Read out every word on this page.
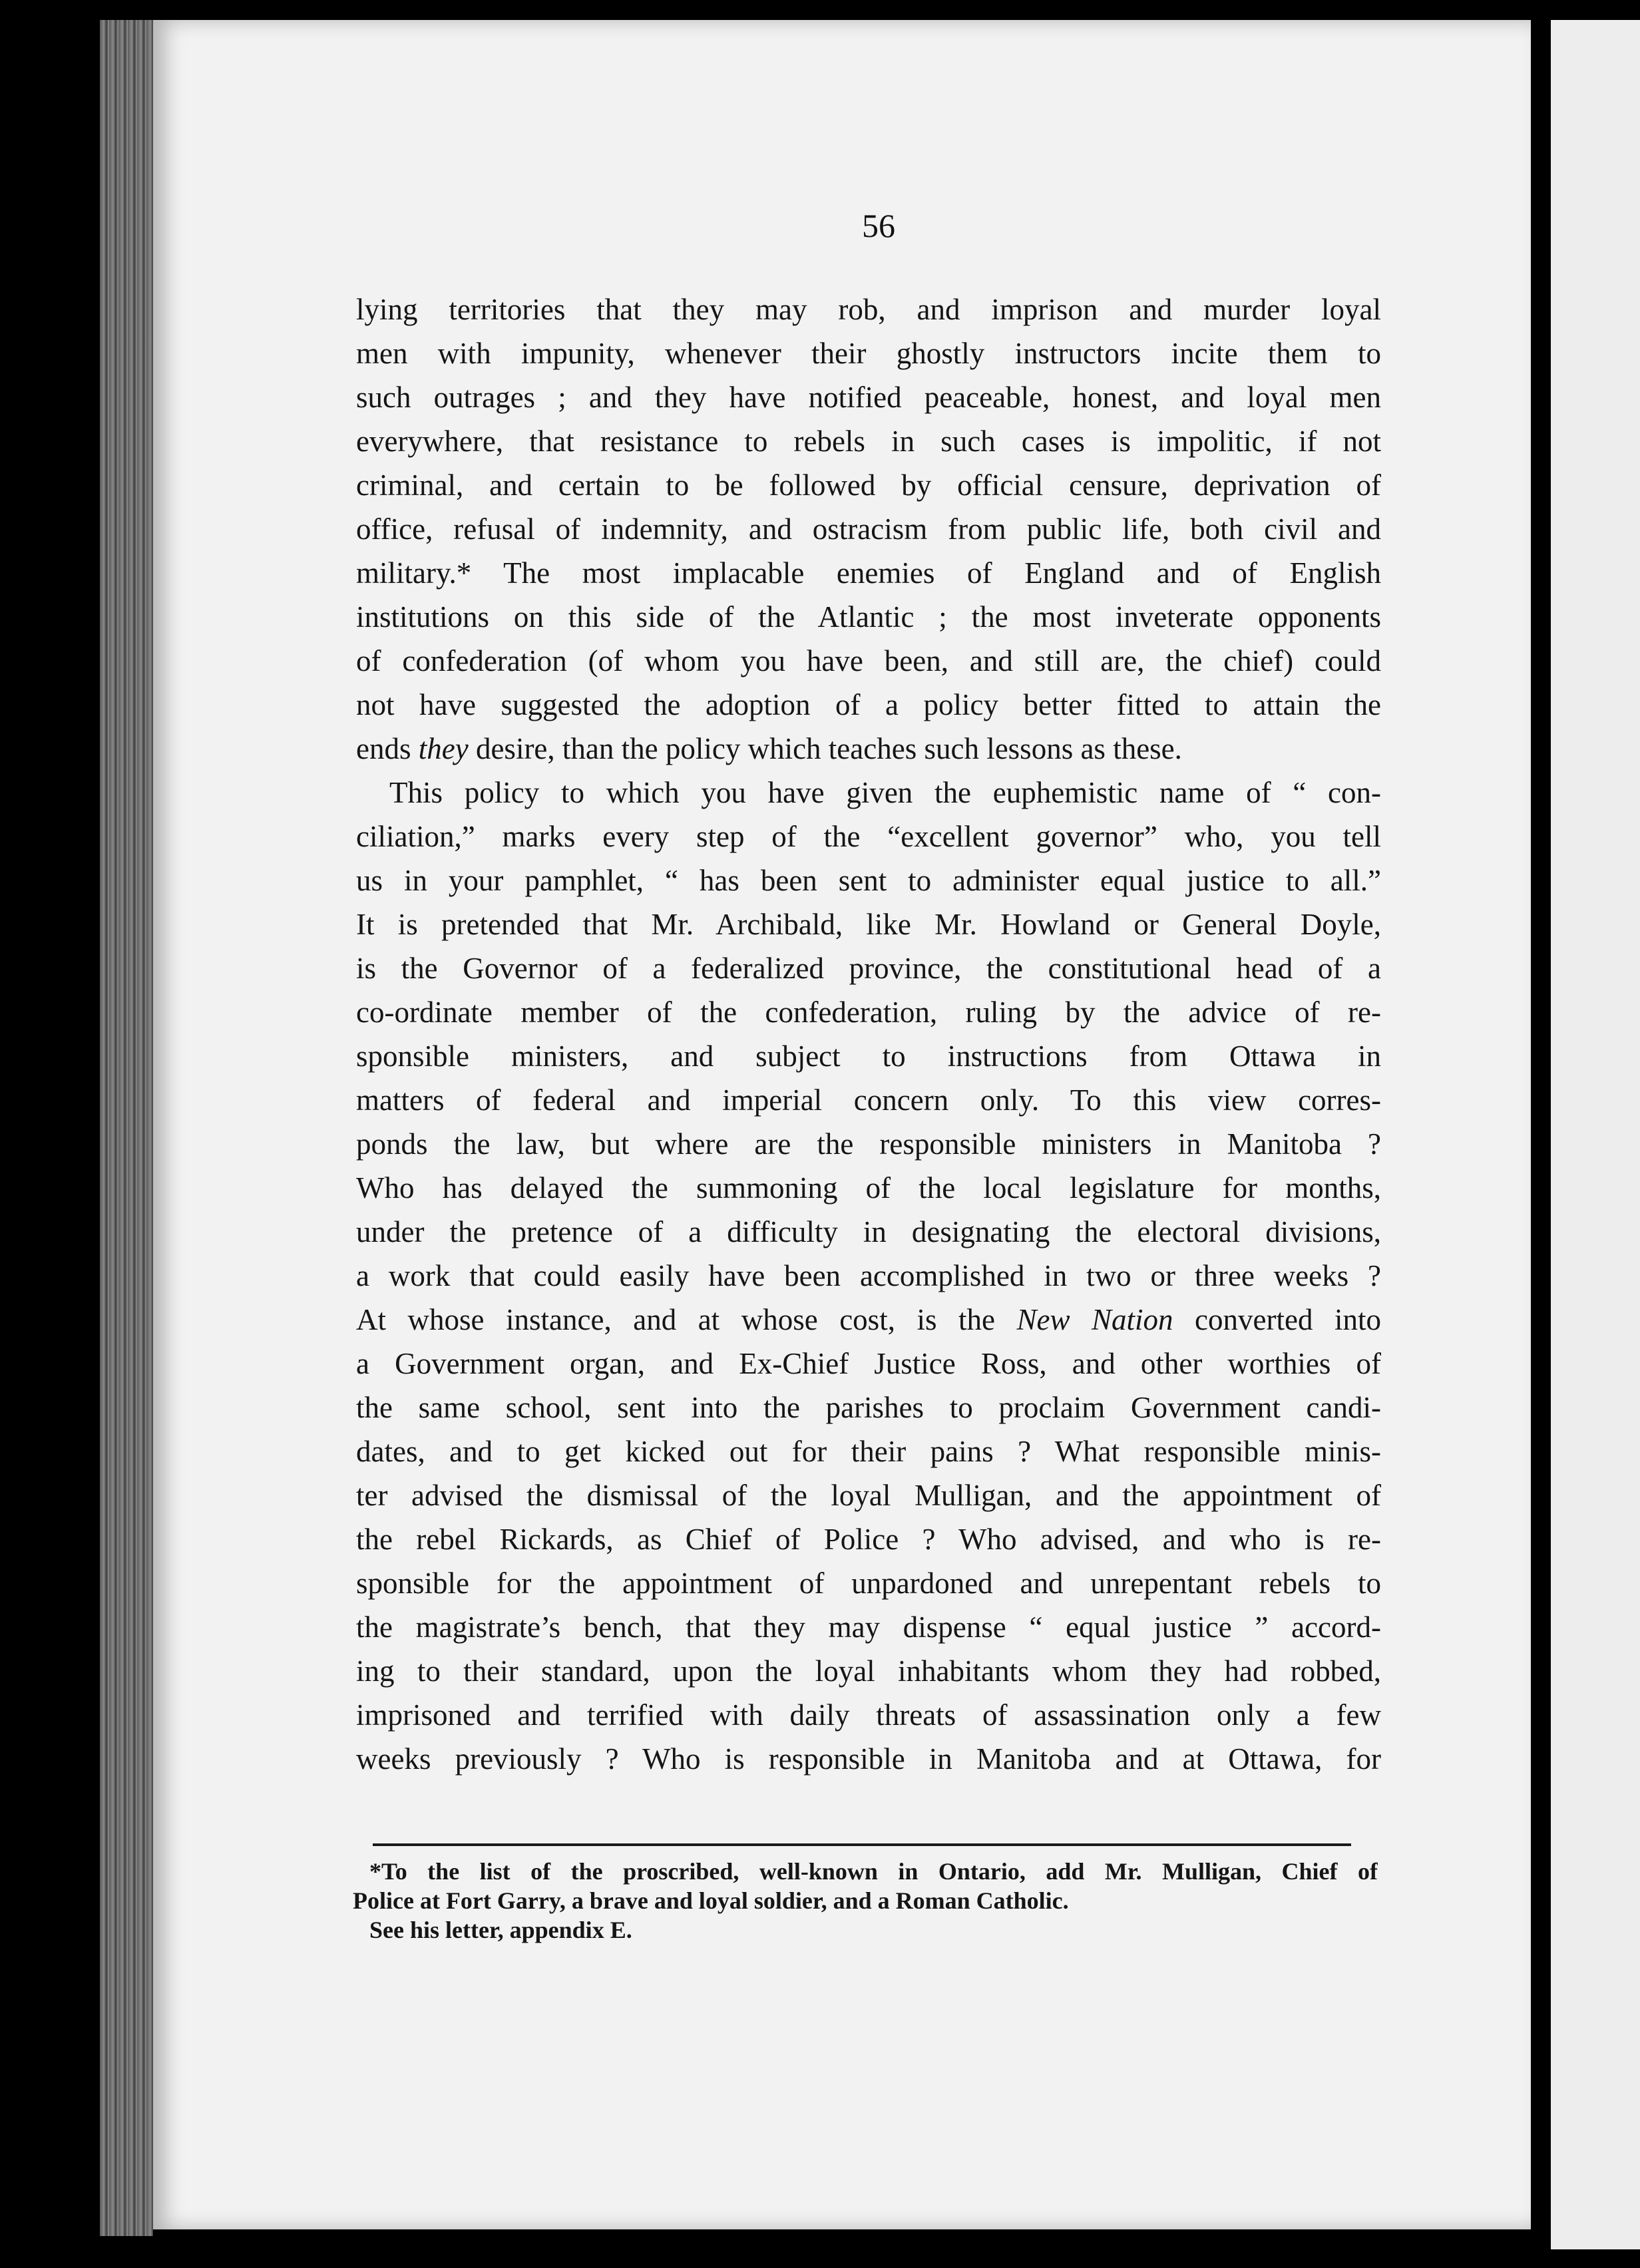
56
lying territories that they may rob, and imprison and murder loyal
men with impunity, whenever their ghostly instructors incite them to
such outrages ; and they have notified peaceable, honest, and loyal men
everywhere, that resistance to rebels in such cases is impolitic, if not
criminal, and certain to be followed by official censure, deprivation of
office, refusal of indemnity, and ostracism from public life, both civil and
military.* The most implacable enemies of England and of English
institutions on this side of the Atlantic ; the most inveterate opponents
of confederation (of whom you have been, and still are, the chief) could
not have suggested the adoption of a policy better fitted to attain the
ends they desire, than the policy which teaches such lessons as these.
This policy to which you have given the euphemistic name of “ con-
ciliation,” marks every step of the “excellent governor” who, you tell
us in your pamphlet, “ has been sent to administer equal justice to all.”
It is pretended that Mr. Archibald, like Mr. Howland or General Doyle,
is the Governor of a federalized province, the constitutional head of a
co-ordinate member of the confederation, ruling by the advice of re-
sponsible ministers, and subject to instructions from Ottawa in
matters of federal and imperial concern only. To this view corres-
ponds the law, but where are the responsible ministers in Manitoba ?
Who has delayed the summoning of the local legislature for months,
under the pretence of a difficulty in designating the electoral divisions,
a work that could easily have been accomplished in two or three weeks ?
At whose instance, and at whose cost, is the New Nation converted into
a Government organ, and Ex-Chief Justice Ross, and other worthies of
the same school, sent into the parishes to proclaim Government candi-
dates, and to get kicked out for their pains ? What responsible minis-
ter advised the dismissal of the loyal Mulligan, and the appointment of
the rebel Rickards, as Chief of Police ? Who advised, and who is re-
sponsible for the appointment of unpardoned and unrepentant rebels to
the magistrate’s bench, that they may dispense “ equal justice ” accord-
ing to their standard, upon the loyal inhabitants whom they had robbed,
imprisoned and terrified with daily threats of assassination only a few
weeks previously ? Who is responsible in Manitoba and at Ottawa, for
*To the list of the proscribed, well-known in Ontario, add Mr. Mulligan, Chief of
Police at Fort Garry, a brave and loyal soldier, and a Roman Catholic.
See his letter, appendix E.
